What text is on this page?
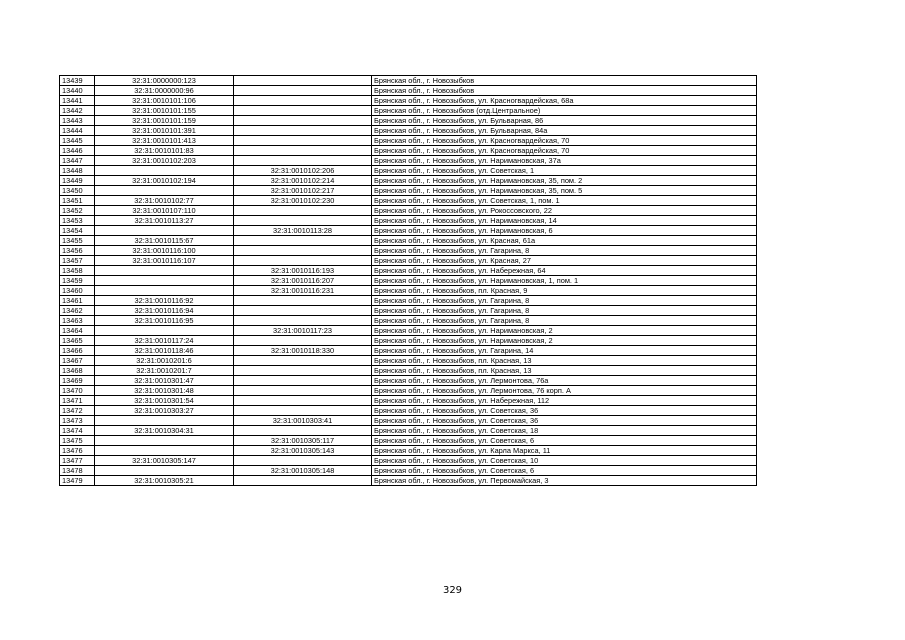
13439	32:31:0000000:123		Брянская обл., г. Новозыбков
13440	32:31:0000000:96		Брянская обл., г. Новозыбков
13441	32:31:0010101:106		Брянская обл., г. Новозыбков, ул. Красногвардейская, 68а
13442	32:31:0010101:155		Брянская обл., г. Новозыбков (отд.Центральное)
13443	32:31:0010101:159		Брянская обл., г. Новозыбков, ул. Бульварная, 86
13444	32:31:0010101:391		Брянская обл., г. Новозыбков, ул. Бульварная, 84а
13445	32:31:0010101:413		Брянская обл., г. Новозыбков, ул. Красногвардейская, 70
13446	32:31:0010101:83		Брянская обл., г. Новозыбков, ул. Красногвардейская, 70
13447	32:31:0010102:203		Брянская обл., г. Новозыбков, ул. Наримановская, 37а
13448		32:31:0010102:206	Брянская обл., г. Новозыбков, ул. Советская, 1
13449	32:31:0010102:194	32:31:0010102:214	Брянская обл., г. Новозыбков, ул. Наримановская, 35, пом. 2
13450		32:31:0010102:217	Брянская обл., г. Новозыбков, ул. Наримановская, 35, пом. 5
13451	32:31:0010102:77	32:31:0010102:230	Брянская обл., г. Новозыбков, ул. Советская, 1, пом. 1
13452	32:31:0010107:110		Брянская обл., г. Новозыбков, ул. Рокоссовского, 22
13453	32:31:0010113:27		Брянская обл., г. Новозыбков, ул. Наримановская, 14
13454		32:31:0010113:28	Брянская обл., г. Новозыбков, ул. Наримановская, 6
13455	32:31:0010115:67		Брянская обл., г. Новозыбков, ул. Красная, 61а
13456	32:31:0010116:100		Брянская обл., г. Новозыбков, ул. Гагарина, 8
13457	32:31:0010116:107		Брянская обл., г. Новозыбков, ул. Красная, 27
13458		32:31:0010116:193	Брянская обл., г. Новозыбков, ул. Набережная, 64
13459		32:31:0010116:207	Брянская обл., г. Новозыбков, ул. Наримановская, 1, пом. 1
13460		32:31:0010116:231	Брянская обл., г. Новозыбков, пл. Красная, 9
13461	32:31:0010116:92		Брянская обл., г. Новозыбков, ул. Гагарина, 8
13462	32:31:0010116:94		Брянская обл., г. Новозыбков, ул. Гагарина, 8
13463	32:31:0010116:95		Брянская обл., г. Новозыбков, ул. Гагарина, 8
13464		32:31:0010117:23	Брянская обл., г. Новозыбков, ул. Наримановская, 2
13465	32:31:0010117:24		Брянская обл., г. Новозыбков, ул. Наримановская, 2
13466	32:31:0010118:46	32:31:0010118:330	Брянская обл., г. Новозыбков, ул. Гагарина, 14
13467	32:31:0010201:6		Брянская обл., г. Новозыбков, пл. Красная, 13
13468	32:31:0010201:7		Брянская обл., г. Новозыбков, пл. Красная, 13
13469	32:31:0010301:47		Брянская обл., г. Новозыбков, ул. Лермонтова, 76а
13470	32:31:0010301:48		Брянская обл., г. Новозыбков, ул. Лермонтова, 76 корп. А
13471	32:31:0010301:54		Брянская обл., г. Новозыбков, ул. Набережная, 112
13472	32:31:0010303:27		Брянская обл., г. Новозыбков, ул. Советская, 36
13473		32:31:0010303:41	Брянская обл., г. Новозыбков, ул. Советская, 36
13474	32:31:0010304:31		Брянская обл., г. Новозыбков, ул. Советская, 18
13475		32:31:0010305:117	Брянская обл., г. Новозыбков, ул. Советская, 6
13476		32:31:0010305:143	Брянская обл., г. Новозыбков, ул. Карла Маркса, 11
13477	32:31:0010305:147		Брянская обл., г. Новозыбков, ул. Советская, 10
13478		32:31:0010305:148	Брянская обл., г. Новозыбков, ул. Советская, 6
13479	32:31:0010305:21		Брянская обл., г. Новозыбков, ул. Первомайская, 3
329
